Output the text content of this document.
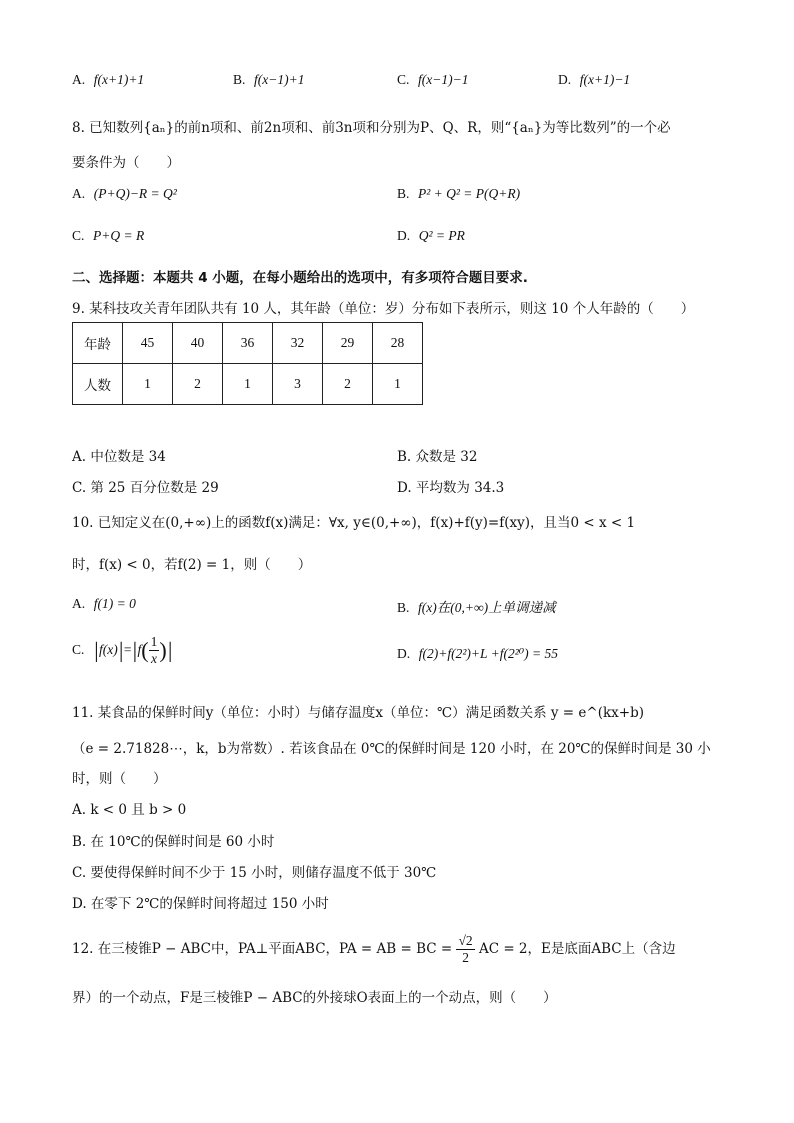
A. f(x+1)+1	B. f(x−1)+1	C. f(x−1)−1	D. f(x+1)−1
8. 已知数列{aₙ}的前n项和、前2n项和、前3n项和分别为P、Q、R，则“{aₙ}为等比数列”的一个必
要条件为（　　）
A. (P+Q)−R = Q²	B. P² + Q² = P(Q+R)
C. P+Q = R	D. Q² = PR
二、选择题：本题共 4 小题，在每小题给出的选项中，有多项符合题目要求.
9. 某科技攻关青年团队共有 10 人，其年龄（单位：岁）分布如下表所示，则这 10 个人年龄的（　　）
年龄	45	40	36	32	29	28
人数	1	2	1	3	2	1
A. 中位数是 34	B. 众数是 32
C. 第 25 百分位数是 29	D. 平均数为 34.3
10. 已知定义在(0,+∞)上的函数f(x)满足：∀x, y∈(0,+∞)，f(x)+f(y)=f(xy)，且当0 < x < 1
时，f(x) < 0，若f(2) = 1，则（　　）
A. f(1) = 0	B. f(x)在(0,+∞)上单调递减
C. $|f(x)|=|f( \frac{1}{x}$ )|	D. f(2)+f(2²)+L +f(2²⁰) = 55
11. 某食品的保鲜时间y（单位：小时）与储存温度x（单位：℃）满足函数关系 y = e^(kx+b)
（e = 2.71828⋯，k，b为常数）. 若该食品在 0℃的保鲜时间是 120 小时，在 20℃的保鲜时间是 30 小
时，则（　　）
A. k < 0 且 b > 0
B. 在 10℃的保鲜时间是 60 小时
C. 要使得保鲜时间不少于 15 小时，则储存温度不低于 30℃
D. 在零下 2℃的保鲜时间将超过 150 小时
12. 在三棱锥P − ABC中，PA⊥平面ABC，PA = AB = BC = $\frac{√2}{2}$ AC = 2，E是底面ABC上（含边
界）的一个动点，F是三棱锥P − ABC的外接球O表面上的一个动点，则（　　）
